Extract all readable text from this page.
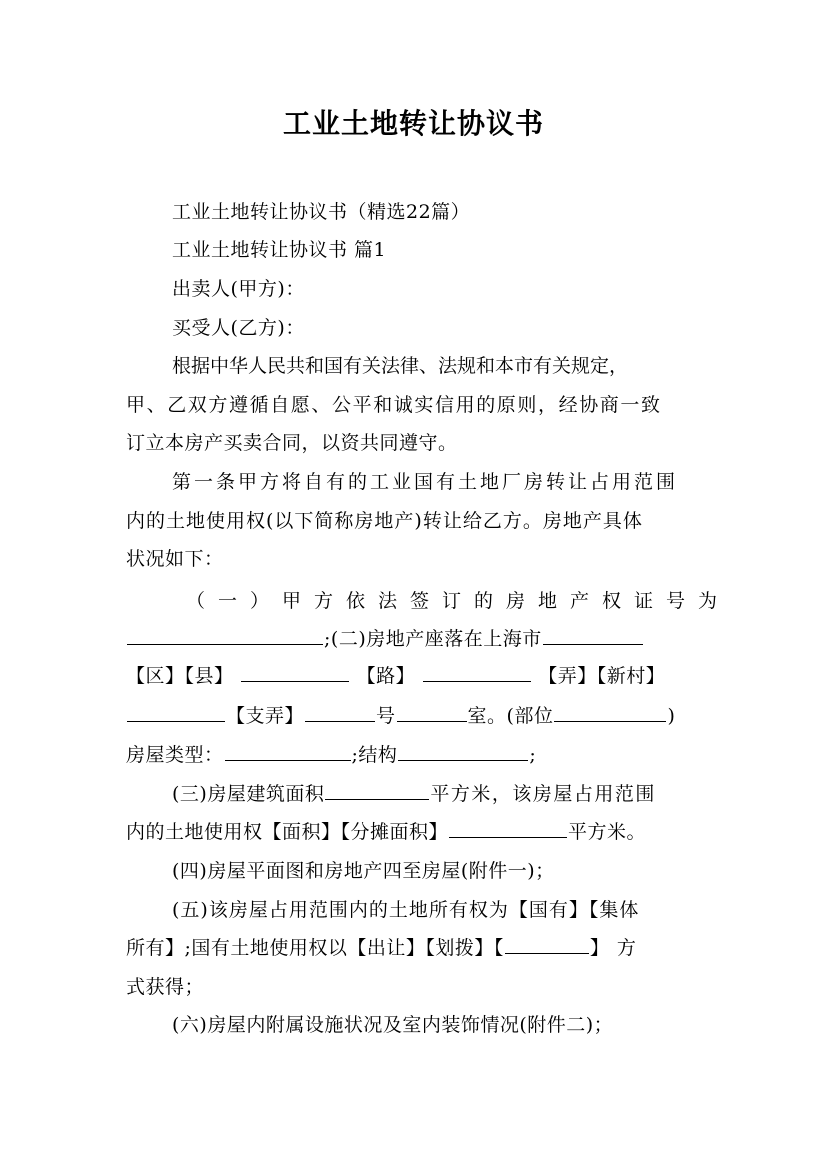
工业土地转让协议书
工业土地转让协议书（精选22篇）
工业土地转让协议书 篇1
出卖人(甲方)：
买受人(乙方)：
根据中华人民共和国有关法律、法规和本市有关规定，
甲、乙双方遵循自愿、公平和诚实信用的原则，经协商一致
订立本房产买卖合同，以资共同遵守。
第一条甲方将自有的工业国有土地厂房转让占用范围
内的土地使用权(以下简称房地产)转让给乙方。房地产具体
状况如下：
（一）甲方依法签订的房地产权证号为
;(二)房地产座落在上海市
【区】【县】	【路】	【弄】【新村】
【支弄】	号	室。(部位	)
房屋类型：	;结构	;
(三)房屋建筑面积	平方米，该房屋占用范围
内的土地使用权【面积】【分摊面积】	平方米。
(四)房屋平面图和房地产四至房屋(附件一)；
(五)该房屋占用范围内的土地所有权为【国有】【集体
所有】;国有土地使用权以【出让】【划拨】【	】方
式获得；
(六)房屋内附属设施状况及室内装饰情况(附件二)；
